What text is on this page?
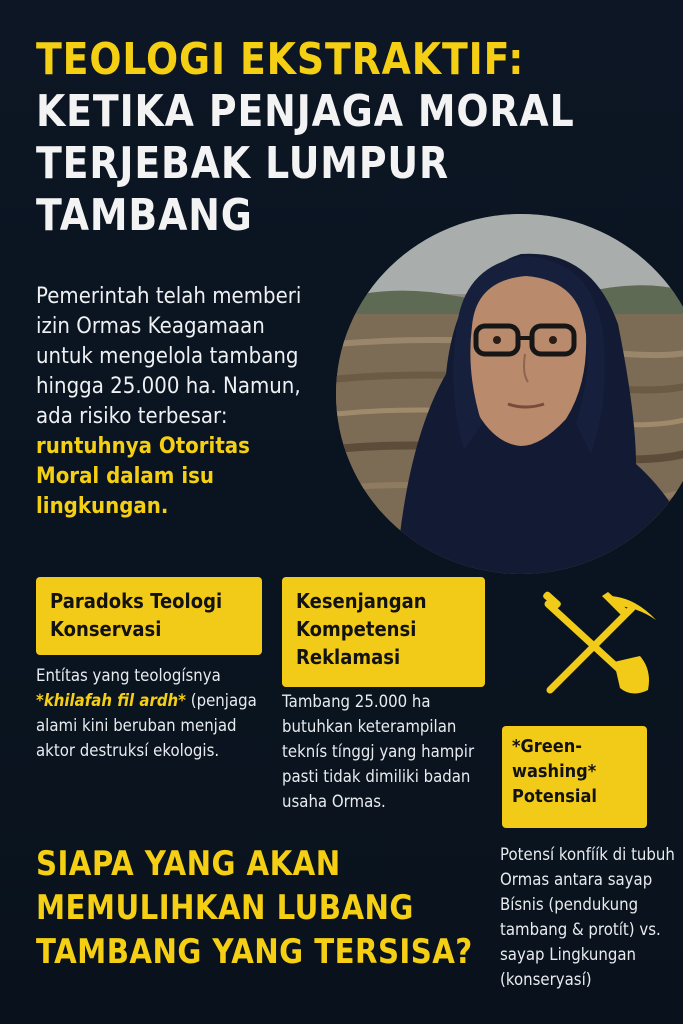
TEOLOGI EKSTRAKTIF:
KETIKA PENJAGA MORAL
TERJEBAK LUMPUR
TAMBANG

Pemerintah telah memberi izin Ormas Keagamaan untuk mengelola tambang hingga 25.000 ha. Namun, ada risiko terbesar: runtuhnya Otoritas Moral dalam isu lingkungan.

Paradoks Teologi Konservasi

Entítas yang teologísnya *khilafah fil ardh* (penjaga alami kini beruban menjad aktor destruksí ekologis.

Kesenjangan Kompetensi Reklamasi

Tambang 25.000 ha butuhkan keterampilan teknís tínggj yang hampir pasti tidak dimiliki badan usaha Ormas.

*Green-washing* Potensial

Potensí konfíík di tubuh Ormas antara sayap Bísnis (pendukung tambang & protít) vs. sayap Lingkungan (konseryasí)

SIAPA YANG AKAN
MEMULIHKAN LUBANG
TAMBANG YANG TERSISA?
